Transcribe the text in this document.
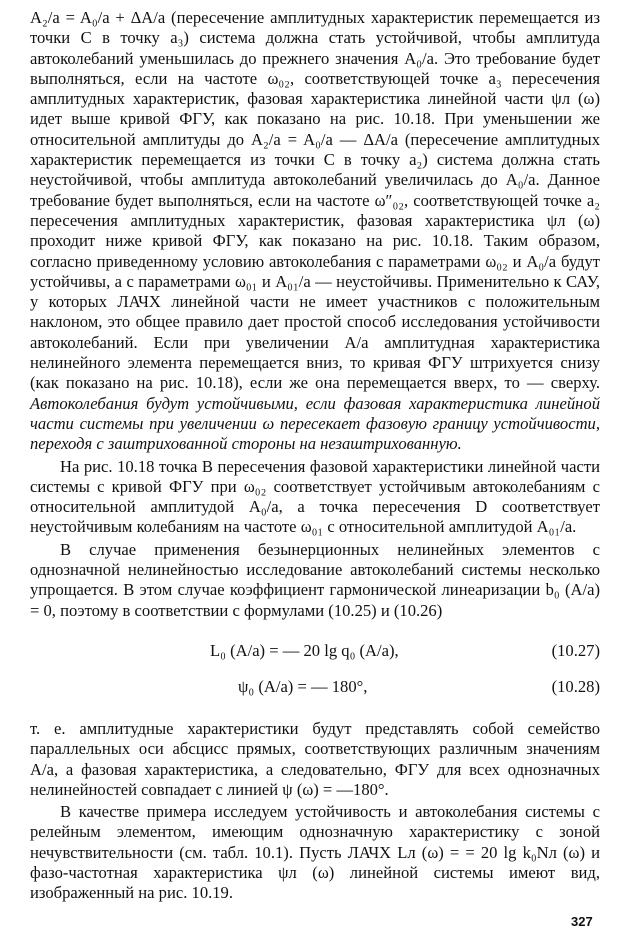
A₂/a = A₀/a + ΔA/a (пересечение амплитудных характеристик перемещается из точки C в точку a₃) система должна стать устойчивой, чтобы амплитуда автоколебаний уменьшилась до прежнего значения A₀/a. Это требование будет выполняться, если на частоте ω₀₂, соответствующей точке a₃ пересечения амплитудных характеристик, фазовая характеристика линейной части ψл (ω) идет выше кривой ФГУ, как показано на рис. 10.18. При уменьшении же относительной амплитуды до A₂/a = A₀/a — ΔA/a (пересечение амплитудных характеристик перемещается из точки C в точку a₂) система должна стать неустойчивой, чтобы амплитуда автоколебаний увеличилась до A₀/a. Данное требование будет выполняться, если на частоте ω″₀₂, соответствующей точке a₂ пересечения амплитудных характеристик, фазовая характеристика ψл (ω) проходит ниже кривой ФГУ, как показано на рис. 10.18. Таким образом, согласно приведенному условию автоколебания с параметрами ω₀₂ и A₀/a будут устойчивы, а с параметрами ω₀₁ и A₀₁/a — неустойчивы. Применительно к САУ, у которых ЛАЧХ линейной части не имеет участников с положительным наклоном, это общее правило дает простой способ исследования устойчивости автоколебаний. Если при увеличении A/a амплитудная характеристика нелинейного элемента перемещается вниз, то кривая ФГУ штрихуется снизу (как показано на рис. 10.18), если же она перемещается вверх, то — сверху. Автоколебания будут устойчивыми, если фазовая характеристика линейной части системы при увеличении ω пересекает фазовую границу устойчивости, переходя с заштрихованной стороны на незаштрихованную.

На рис. 10.18 точка B пересечения фазовой характеристики линейной части системы с кривой ФГУ при ω₀₂ соответствует устойчивым автоколебаниям с относительной амплитудой A₀/a, а точка пересечения D соответствует неустойчивым колебаниям на частоте ω₀₁ с относительной амплитудой A₀₁/a.

В случае применения безынерционных нелинейных элементов с однозначной нелинейностью исследование автоколебаний системы несколько упрощается. В этом случае коэффициент гармонической линеаризации b₀ (A/a) = 0, поэтому в соответствии с формулами (10.25) и (10.26)

L₀ (A/a) = — 20 lg q₀ (A/a),	(10.27)
ψ₀ (A/a) = — 180°,	(10.28)

т. е. амплитудные характеристики будут представлять собой семейство параллельных оси абсцисс прямых, соответствующих различным значениям A/a, а фазовая характеристика, а следовательно, ФГУ для всех однозначных нелинейностей совпадает с линией ψ (ω) = —180°.

В качестве примера исследуем устойчивость и автоколебания системы с релейным элементом, имеющим однозначную характеристику с зоной нечувствительности (см. табл. 10.1). Пусть ЛАЧХ Lл (ω) = = 20 lg k₀Nл (ω) и фазо-частотная характеристика ψл (ω) линейной системы имеют вид, изображенный на рис. 10.19.

327
